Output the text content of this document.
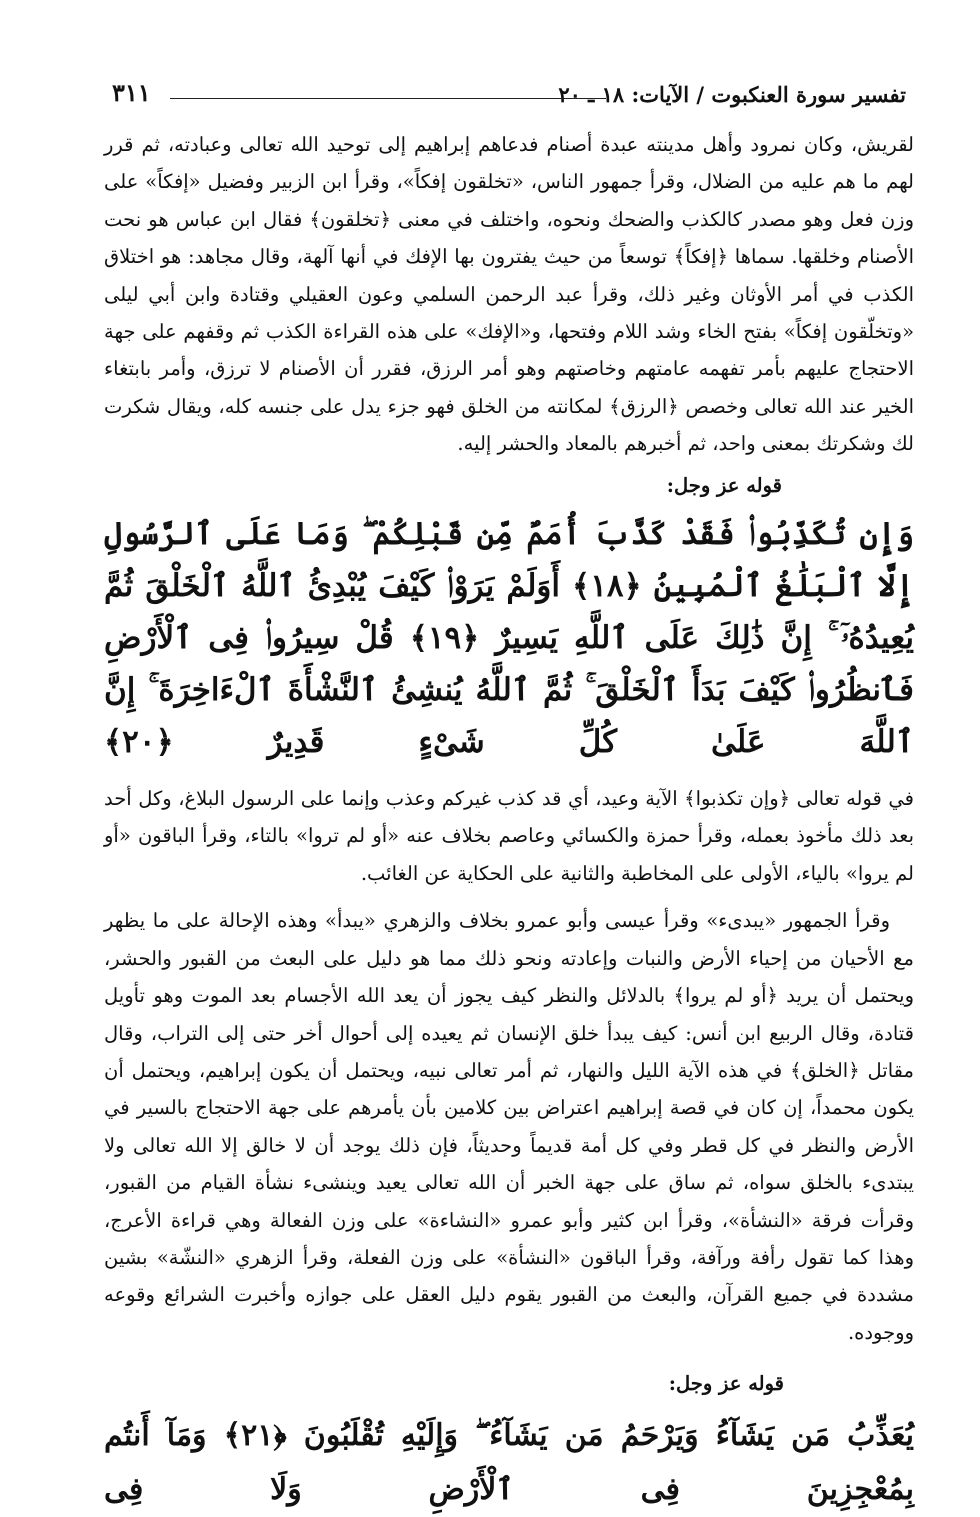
تفسير سورة العنكبوت / الآيات: ١٨ ـ ٢٠
٣١١

لقريش، وكان نمرود وأهل مدينته عبدة أصنام فدعاهم إبراهيم إلى توحيد الله تعالى وعبادته، ثم قرر لهم ما هم عليه من الضلال، وقرأ جمهور الناس، «تخلقون إفكاً»، وقرأ ابن الزبير وفضيل «إفكاً» على وزن فعل وهو مصدر كالكذب والضحك ونحوه، واختلف في معنى ﴿تخلقون﴾ فقال ابن عباس هو نحت الأصنام وخلقها. سماها ﴿إفكاً﴾ توسعاً من حيث يفترون بها الإفك في أنها آلهة، وقال مجاهد: هو اختلاق الكذب في أمر الأوثان وغير ذلك، وقرأ عبد الرحمن السلمي وعون العقيلي وقتادة وابن أبي ليلى «وتخلّقون إفكاً» بفتح الخاء وشد اللام وفتحها، و«الإفك» على هذه القراءة الكذب ثم وقفهم على جهة الاحتجاج عليهم بأمر تفهمه عامتهم وخاصتهم وهو أمر الرزق، فقرر أن الأصنام لا ترزق، وأمر بابتغاء الخير عند الله تعالى وخصص ﴿الرزق﴾ لمكانته من الخلق فهو جزء يدل على جنسه كله، ويقال شكرت لك وشكرتك بمعنى واحد، ثم أخبرهم بالمعاد والحشر إليه.

قوله عز وجل:

وَإِن تُكَذِّبُوا۟ فَقَدْ كَذَّبَ أُمَمٌ مِّن قَبْلِكُمْ ۖ وَمَا عَلَى ٱلرَّسُولِ إِلَّا ٱلْبَلَٰغُ ٱلْمُبِينُ ﴿١٨﴾ أَوَلَمْ يَرَوْا۟ كَيْفَ يُبْدِئُ ٱللَّهُ ٱلْخَلْقَ ثُمَّ يُعِيدُهُۥٓ ۚ إِنَّ ذَٰلِكَ عَلَى ٱللَّهِ يَسِيرٌ ﴿١٩﴾ قُلْ سِيرُوا۟ فِى ٱلْأَرْضِ فَٱنظُرُوا۟ كَيْفَ بَدَأَ ٱلْخَلْقَ ۚ ثُمَّ ٱللَّهُ يُنشِئُ ٱلنَّشْأَةَ ٱلْءَاخِرَةَ ۚ إِنَّ ٱللَّهَ عَلَىٰ كُلِّ شَىْءٍ قَدِيرٌ ﴿٢٠﴾

في قوله تعالى ﴿وإن تكذبوا﴾ الآية وعيد، أي قد كذب غيركم وعذب وإنما على الرسول البلاغ، وكل أحد بعد ذلك مأخوذ بعمله، وقرأ حمزة والكسائي وعاصم بخلاف عنه «أو لم تروا» بالتاء، وقرأ الباقون «أو لم يروا» بالياء، الأولى على المخاطبة والثانية على الحكاية عن الغائب.

وقرأ الجمهور «يبدىء» وقرأ عيسى وأبو عمرو بخلاف والزهري «يبدأ» وهذه الإحالة على ما يظهر مع الأحيان من إحياء الأرض والنبات وإعادته ونحو ذلك مما هو دليل على البعث من القبور والحشر، ويحتمل أن يريد ﴿أو لم يروا﴾ بالدلائل والنظر كيف يجوز أن يعد الله الأجسام بعد الموت وهو تأويل قتادة، وقال الربيع ابن أنس: كيف يبدأ خلق الإنسان ثم يعيده إلى أحوال أخر حتى إلى التراب، وقال مقاتل ﴿الخلق﴾ في هذه الآية الليل والنهار، ثم أمر تعالى نبيه، ويحتمل أن يكون إبراهيم، ويحتمل أن يكون محمداً، إن كان في قصة إبراهيم اعتراض بين كلامين بأن يأمرهم على جهة الاحتجاج بالسير في الأرض والنظر في كل قطر وفي كل أمة قديماً وحديثاً، فإن ذلك يوجد أن لا خالق إلا الله تعالى ولا يبتدىء بالخلق سواه، ثم ساق على جهة الخبر أن الله تعالى يعيد وينشىء نشأة القيام من القبور، وقرأت فرقة «النشأة»، وقرأ ابن كثير وأبو عمرو «النشاءة» على وزن الفعالة وهي قراءة الأعرج، وهذا كما تقول رأفة ورآفة، وقرأ الباقون «النشأة» على وزن الفعلة، وقرأ الزهري «النشّة» بشين مشددة في جميع القرآن، والبعث من القبور يقوم دليل العقل على جوازه وأخبرت الشرائع وقوعه ووجوده.

قوله عز وجل:

يُعَذِّبُ مَن يَشَآءُ وَيَرْحَمُ مَن يَشَآءُ ۖ وَإِلَيْهِ تُقْلَبُونَ ﴿٢١﴾ وَمَآ أَنتُم بِمُعْجِزِينَ فِى ٱلْأَرْضِ وَلَا فِى
